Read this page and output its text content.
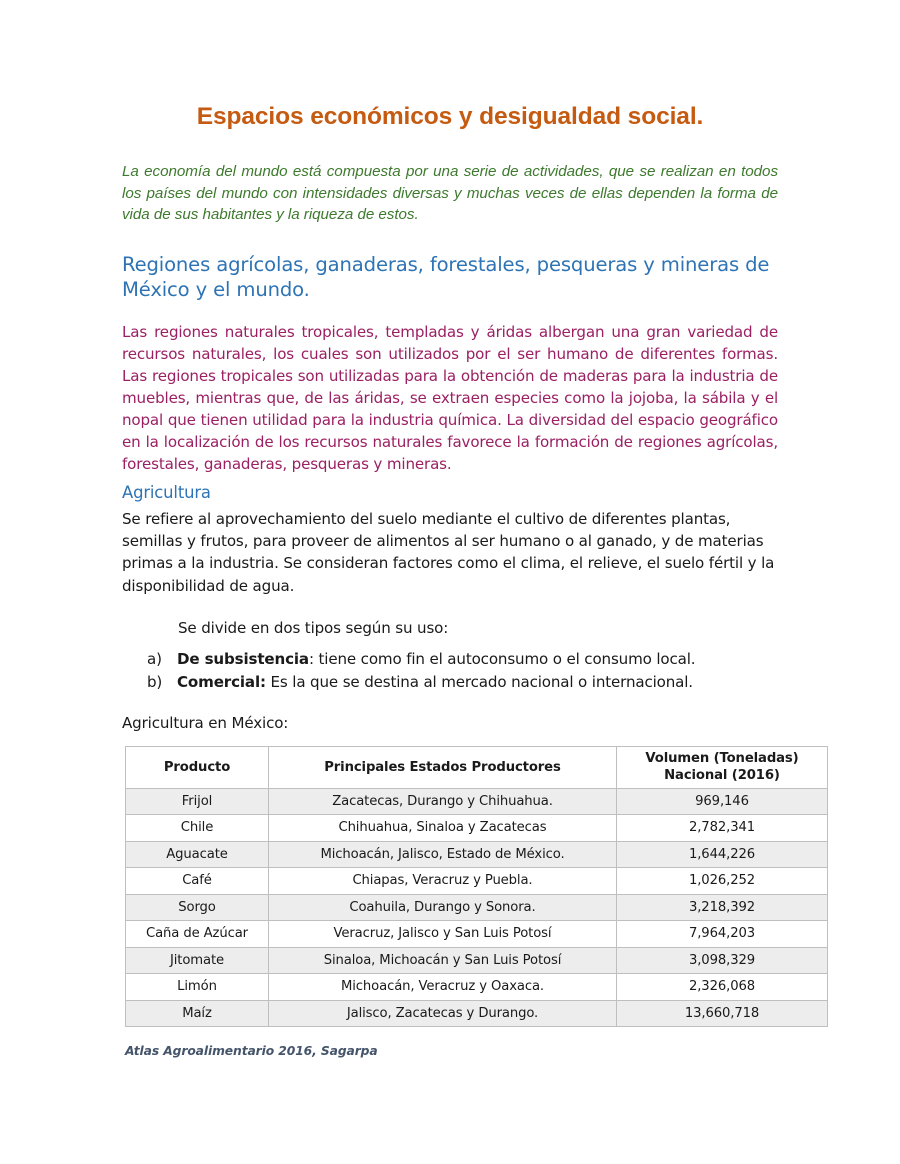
Espacios económicos y desigualdad social.

La economía del mundo está compuesta por una serie de actividades, que se realizan en todos los países del mundo con intensidades diversas y muchas veces de ellas dependen la forma de vida de sus habitantes y la riqueza de estos.

Regiones agrícolas, ganaderas, forestales, pesqueras y mineras de México y el mundo.

Las regiones naturales tropicales, templadas y áridas albergan una gran variedad de recursos naturales, los cuales son utilizados por el ser humano de diferentes formas. Las regiones tropicales son utilizadas para la obtención de maderas para la industria de muebles, mientras que, de las áridas, se extraen especies como la jojoba, la sábila y el nopal que tienen utilidad para la industria química. La diversidad del espacio geográfico en la localización de los recursos naturales favorece la formación de regiones agrícolas, forestales, ganaderas, pesqueras y mineras.

Agricultura

Se refiere al aprovechamiento del suelo mediante el cultivo de diferentes plantas, semillas y frutos, para proveer de alimentos al ser humano o al ganado, y de materias primas a la industria. Se consideran factores como el clima, el relieve, el suelo fértil y la disponibilidad de agua.

Se divide en dos tipos según su uso:

a)	De subsistencia: tiene como fin el autoconsumo o el consumo local.
b) Comercial: Es la que se destina al mercado nacional o internacional.

Agricultura en México:

Producto	Principales Estados Productores	Volumen (Toneladas)
Nacional (2016)
Frijol	Zacatecas, Durango y Chihuahua.	969,146
Chile	Chihuahua, Sinaloa y Zacatecas	2,782,341
Aguacate	Michoacán, Jalisco, Estado de México.	1,644,226
Café	Chiapas, Veracruz y Puebla.	1,026,252
Sorgo	Coahuila, Durango y Sonora.	3,218,392
Caña de Azúcar	Veracruz, Jalisco y San Luis Potosí	7,964,203
Jitomate	Sinaloa, Michoacán y San Luis Potosí	3,098,329
Limón	Michoacán, Veracruz y Oaxaca.	2,326,068
Maíz	Jalisco, Zacatecas y Durango.	13,660,718

Atlas Agroalimentario 2016, Sagarpa
